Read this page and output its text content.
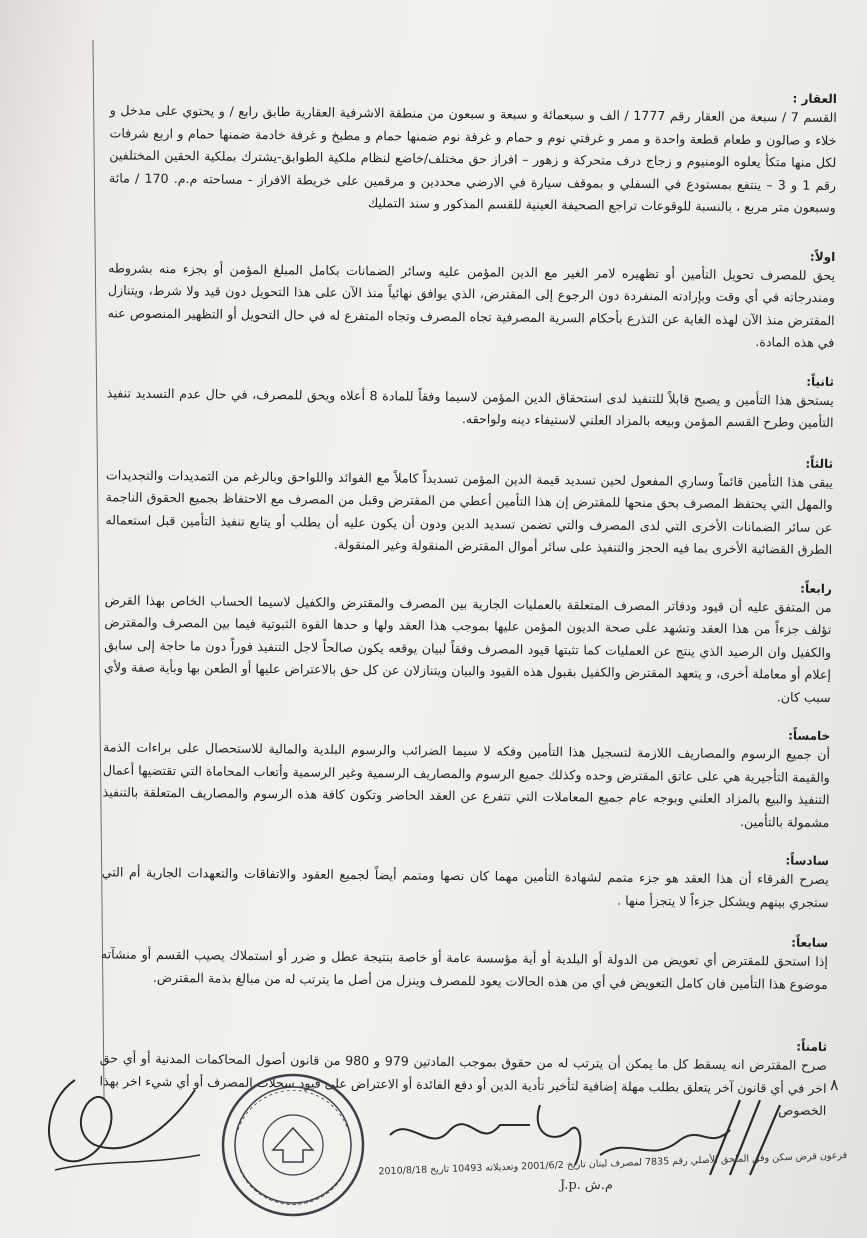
العقار :

القسم 7 / سبعة من العقار رقم 1777 / الف و سبعمائة و سبعة و سبعون من منطقة الاشرفية العقارية طابق رابع / و يحتوي على مدخل و خلاء و صالون و طعام قطعة واحدة و ممر و غرفتي نوم و حمام و غرفة نوم ضمنها حمام و مطبخ و غرفة خادمة ضمنها حمام و اربع شرفات لكل منها متكأ يعلوه الومنيوم و زجاج درف متحركة و زهور – افراز حق مختلف/خاضع لنظام ملكية الطوابق-يشترك بملكية الحقين المختلفين رقم 1 و 3 – ينتفع بمستودع في السفلي و بموقف سيارة في الارضي محددين و مرقمين على خريطة الافراز - مساحته م.م. 170 / مائة وسبعون متر مربع ، بالنسبة للوقوعات تراجع الصحيفة العينية للقسم المذكور و سند التمليك

اولاً:

يحق للمصرف تحويل التأمين أو تظهيره لامر الغير مع الدين المؤمن عليه وسائر الضمانات بكامل المبلغ المؤمن أو بجزء منه بشروطه ومندرجاته في أي وقت وبإرادته المنفردة دون الرجوع إلى المقترض، الذي يوافق نهائياً منذ الآن على هذا التحويل دون قيد ولا شرط، ويتنازل المقترض منذ الآن لهذه الغاية عن التذرع بأحكام السرية المصرفية تجاه المصرف وتجاه المتفرع له في حال التحويل أو التظهير المنصوص عنه في هذه المادة.

ثانياً:

يستحق هذا التأمين و يصبح قابلاً للتنفيذ لدى استحقاق الدين المؤمن لاسيما وفقاً للمادة 8 أعلاه ويحق للمصرف، في حال عدم التسديد تنفيذ التأمين وطرح القسم المؤمن وبيعه بالمزاد العلني لاستيفاء دينه ولواحقه.

ثالثاً:

يبقى هذا التأمين قائماً وساري المفعول لحين تسديد قيمة الدين المؤمن تسديداً كاملاً مع الفوائد واللواحق وبالرغم من التمديدات والتجديدات والمهل التي يحتفظ المصرف بحق منحها للمقترض إن هذا التأمين أعطي من المقترض وقبل من المصرف مع الاحتفاظ بجميع الحقوق الناجمة عن سائر الضمانات الأخرى التي لدى المصرف والتي تضمن تسديد الدين ودون أن يكون عليه أن يطلب أو يتابع تنفيذ التأمين قبل استعماله الطرق القضائية الأخرى بما فيه الحجز والتنفيذ على سائر أموال المقترض المنقولة وغير المنقولة.

رابعاً:

من المتفق عليه أن قيود ودفاتر المصرف المتعلقة بالعمليات الجارية بين المصرف والمقترض والكفيل لاسيما الحساب الخاص بهذا القرض تؤلف جزءاً من هذا العقد وتشهد على صحة الديون المؤمن عليها بموجب هذا العقد ولها و حدها القوة الثبوتية فيما بين المصرف والمقترض والكفيل وان الرصيد الذي ينتج عن العمليات كما تثبتها قيود المصرف وفقاً لبيان يوقعه يكون صالحاً لاجل التنفيذ فوراً دون ما حاجة إلى سابق إعلام أو معاملة أخرى، و يتعهد المقترض والكفيل بقبول هذه القيود والبيان ويتنازلان عن كل حق بالاعتراض عليها أو الطعن بها وبأية صفة ولأي سبب كان.

خامساً:

أن جميع الرسوم والمصاريف اللازمة لتسجيل هذا التأمين وفكه لا سيما الضرائب والرسوم البلدية والمالية للاستحصال على براءات الذمة والقيمة التأجيرية هي على عاتق المقترض وحده وكذلك جميع الرسوم والمصاريف الرسمية وغير الرسمية وأتعاب المحاماة التي تقتضيها أعمال التنفيذ والبيع بالمزاد العلني وبوجه عام جميع المعاملات التي تتفرع عن العقد الحاضر وتكون كافة هذه الرسوم والمصاريف المتعلقة بالتنفيذ مشمولة بالتأمين.

سادساً:

يصرح الفرقاء أن هذا العقد هو جزء متمم لشهادة التأمين مهما كان نصها ومتمم أيضاً لجميع العقود والاتفاقات والتعهدات الجارية أم التي ستجري بينهم ويشكل جزءاً لا يتجزأ منها .

سابعاً:

إذا استحق للمقترض أي تعويض من الدولة أو البلدية أو أية مؤسسة عامة أو خاصة بنتيجة عطل و ضرر أو استملاك يصيب القسم أو منشآته موضوع هذا التأمين فان كامل التعويض في أي من هذه الحالات يعود للمصرف وينزل من أصل ما يترتب له من مبالغ بذمة المقترض.

ثامناً:

صرح المقترض انه يسقط كل ما يمكن أن يترتب له من حقوق بموجب المادتين 979 و 980 من قانون أصول المحاكمات المدنية أو أي حق اخر في أي قانون آخر يتعلق بطلب مهلة إضافية لتأخير تأدية الدين أو دفع الفائدة أو الاعتراض على قيود سجلات المصرف أو أي شيء اخر بهذا الخصوص.

٨
فرعون قرض سكن وفق الملحق الأصلي رقم 7835 لمصرف لبنان تاريخ 2001/6/2 وتعديلاته 10493 تاريخ 2010/8/18
J.p. م.ش
